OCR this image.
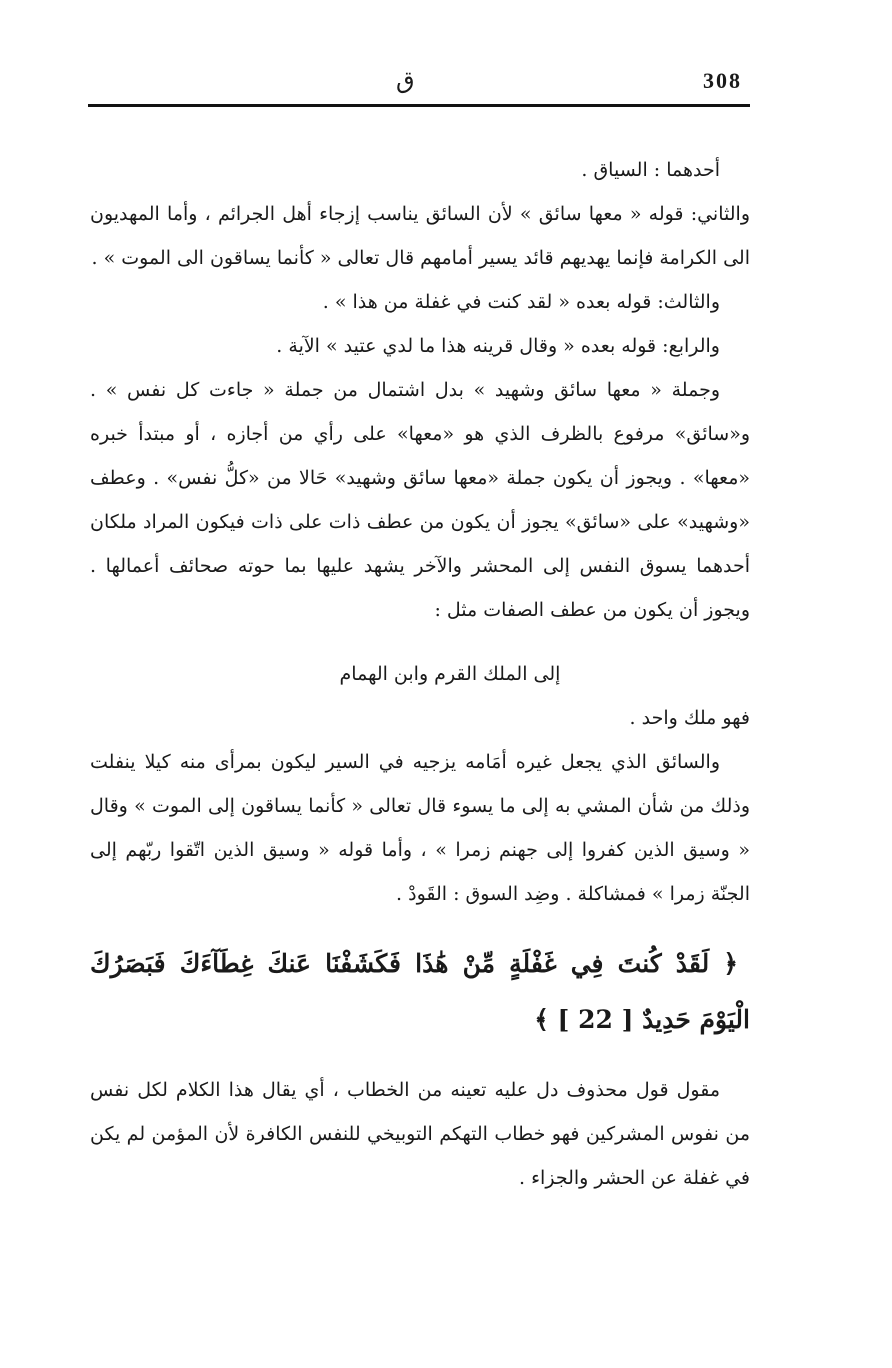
ق	308

أحدهما : السياق .

والثاني: قوله « معها سائق » لأن السائق يناسب إزجاء أهل الجرائم ، وأما المهديون الى الكرامة فإنما يهديهم قائد يسير أمامهم قال تعالى « كأنما يساقون الى الموت » .

والثالث: قوله بعده « لقد كنت في غفلة من هذا » .

والرابع: قوله بعده « وقال قرينه هذا ما لدي عتيد » الآية .

وجملة « معها سائق وشهيد » بدل اشتمال من جملة « جاءت كل نفس » . و«سائق» مرفوع بالظرف الذي هو «معها» على رأي من أجازه ، أو مبتدأ خبره «معها» . ويجوز أن يكون جملة «معها سائق وشهيد» حَالا من «كلُّ نفس» . وعطف «وشهيد» على «سائق» يجوز أن يكون من عطف ذات على ذات فيكون المراد ملكان أحدهما يسوق النفس إلى المحشر والآخر يشهد عليها بما حوته صحائف أعمالها . ويجوز أن يكون من عطف الصفات مثل :

إلى الملك القرم وابن الهمام

فهو ملك واحد .

والسائق الذي يجعل غيره أمَامه يزجيه في السير ليكون بمرأى منه كيلا ينفلت وذلك من شأن المشي به إلى ما يسوء قال تعالى « كأنما يساقون إلى الموت » وقال « وسيق الذين كفروا إلى جهنم زمرا » ، وأما قوله « وسيق الذين اتّقوا ربّهم إلى الجنّة زمرا » فمشاكلة . وضِد السوق : القَودْ .

﴿ لَقَدْ كُنتَ فِي غَفْلَةٍ مِّنْ هَٰذَا فَكَشَفْنَا عَنكَ غِطَآءَكَ فَبَصَرُكَ الْيَوْمَ حَدِيدٌ [ 22 ] ﴾

مقول قول محذوف دل عليه تعينه من الخطاب ، أي يقال هذا الكلام لكل نفس من نفوس المشركين فهو خطاب التهكم التوبيخي للنفس الكافرة لأن المؤمن لم يكن في غفلة عن الحشر والجزاء .
